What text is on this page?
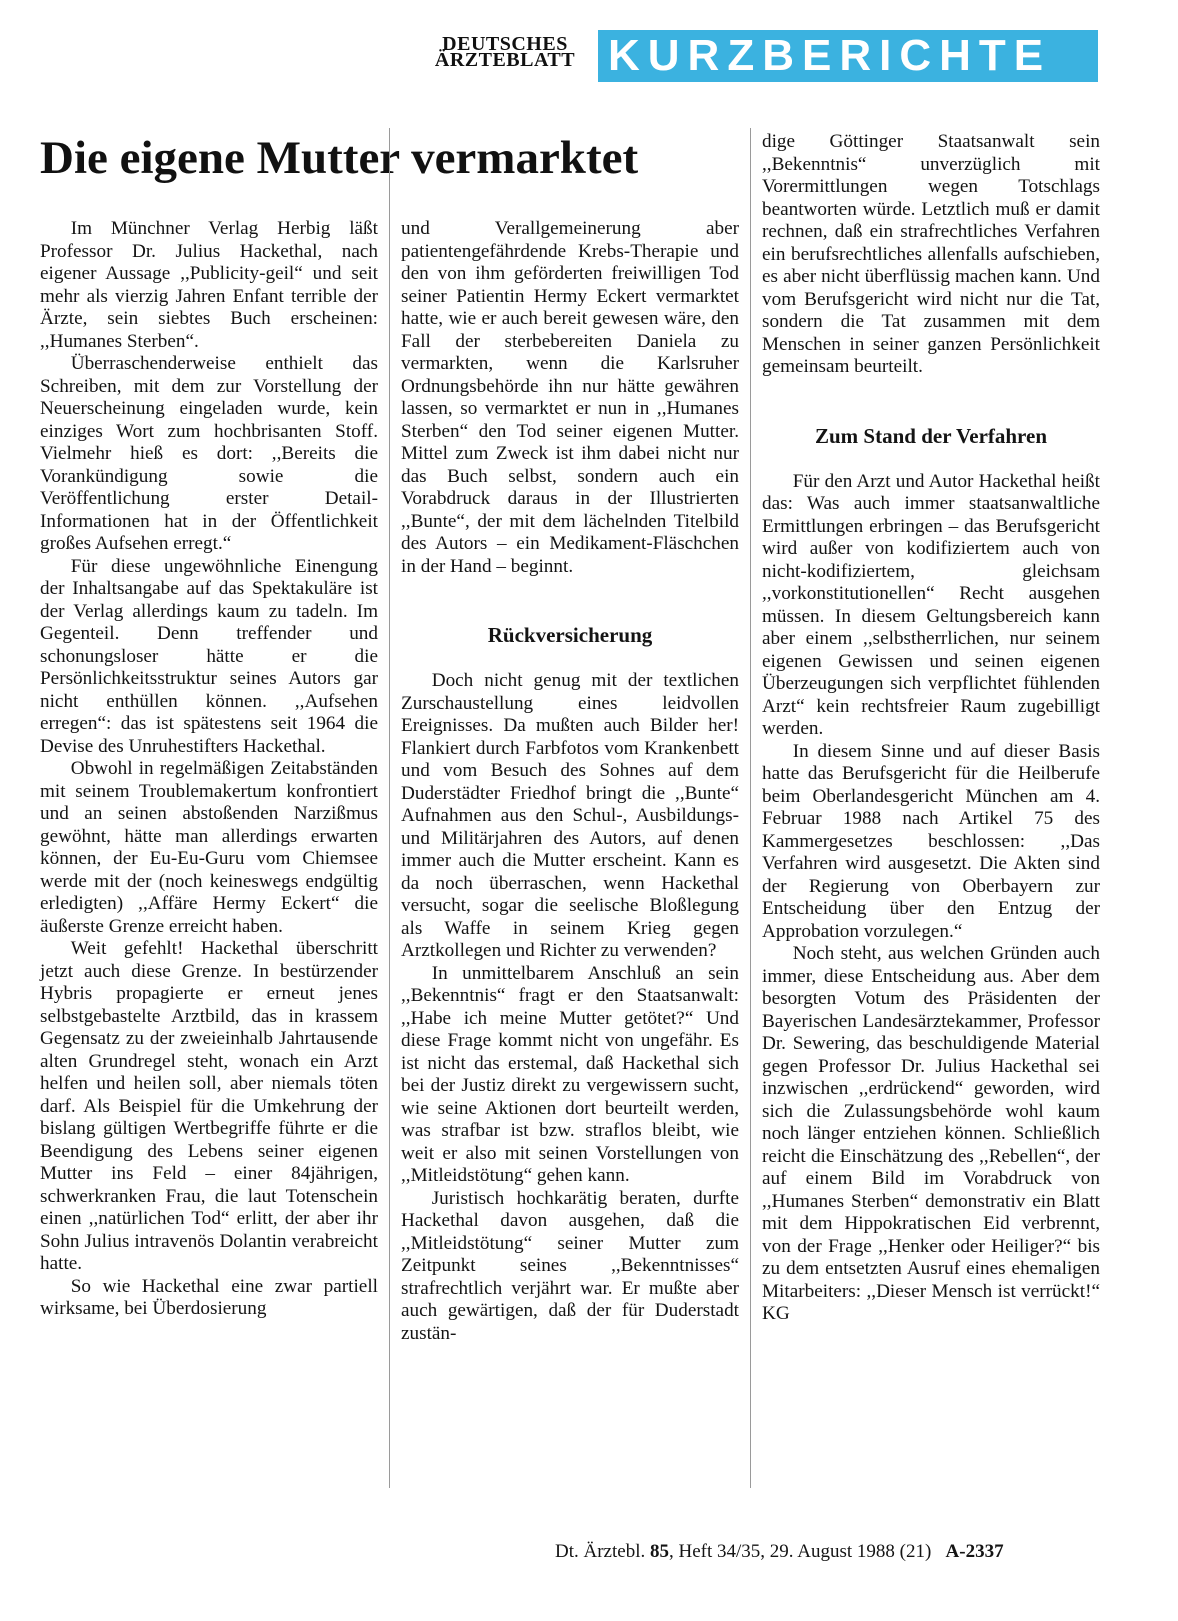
DEUTSCHES
ÄRZTEBLATT KURZBERICHTE
Die eigene Mutter vermarktet

Im Münchner Verlag Herbig läßt Professor Dr. Julius Hackethal, nach eigener Aussage ,,Publicity-geil“ und seit mehr als vierzig Jahren Enfant terrible der Ärzte, sein siebtes Buch erscheinen: ,,Humanes Sterben“.

Überraschenderweise enthielt das Schreiben, mit dem zur Vorstellung der Neuerscheinung eingeladen wurde, kein einziges Wort zum hochbrisanten Stoff. Vielmehr hieß es dort: ,,Bereits die Vorankündigung sowie die Veröffentlichung erster Detail-Informationen hat in der Öffentlichkeit großes Aufsehen erregt.“

Für diese ungewöhnliche Einengung der Inhaltsangabe auf das Spektakuläre ist der Verlag allerdings kaum zu tadeln. Im Gegenteil. Denn treffender und schonungsloser hätte er die Persönlichkeitsstruktur seines Autors gar nicht enthüllen können. ,,Aufsehen erregen“: das ist spätestens seit 1964 die Devise des Unruhestifters Hackethal.

Obwohl in regelmäßigen Zeitabständen mit seinem Troublemakertum konfrontiert und an seinen abstoßenden Narzißmus gewöhnt, hätte man allerdings erwarten können, der Eu-Eu-Guru vom Chiemsee werde mit der (noch keineswegs endgültig erledigten) ,,Affäre Hermy Eckert“ die äußerste Grenze erreicht haben.

Weit gefehlt! Hackethal überschritt jetzt auch diese Grenze. In bestürzender Hybris propagierte er erneut jenes selbstgebastelte Arztbild, das in krassem Gegensatz zu der zweieinhalb Jahrtausende alten Grundregel steht, wonach ein Arzt helfen und heilen soll, aber niemals töten darf. Als Beispiel für die Umkehrung der bislang gültigen Wertbegriffe führte er die Beendigung des Lebens seiner eigenen Mutter ins Feld – einer 84jährigen, schwerkranken Frau, die laut Totenschein einen ,,natürlichen Tod“ erlitt, der aber ihr Sohn Julius intravenös Dolantin verabreicht hatte.

So wie Hackethal eine zwar partiell wirksame, bei Überdosierung

und Verallgemeinerung aber patientengefährdende Krebs-Therapie und den von ihm geförderten freiwilligen Tod seiner Patientin Hermy Eckert vermarktet hatte, wie er auch bereit gewesen wäre, den Fall der sterbebereiten Daniela zu vermarkten, wenn die Karlsruher Ordnungsbehörde ihn nur hätte gewähren lassen, so vermarktet er nun in ,,Humanes Sterben“ den Tod seiner eigenen Mutter. Mittel zum Zweck ist ihm dabei nicht nur das Buch selbst, sondern auch ein Vorabdruck daraus in der Illustrierten ,,Bunte“, der mit dem lächelnden Titelbild des Autors – ein Medikament-Fläschchen in der Hand – beginnt.

Rückversicherung

Doch nicht genug mit der textlichen Zurschaustellung eines leidvollen Ereignisses. Da mußten auch Bilder her! Flankiert durch Farbfotos vom Krankenbett und vom Besuch des Sohnes auf dem Duderstädter Friedhof bringt die ,,Bunte“ Aufnahmen aus den Schul-, Ausbildungs- und Militärjahren des Autors, auf denen immer auch die Mutter erscheint. Kann es da noch überraschen, wenn Hackethal versucht, sogar die seelische Bloßlegung als Waffe in seinem Krieg gegen Arztkollegen und Richter zu verwenden?

In unmittelbarem Anschluß an sein ,,Bekenntnis“ fragt er den Staatsanwalt: ,,Habe ich meine Mutter getötet?“ Und diese Frage kommt nicht von ungefähr. Es ist nicht das erstemal, daß Hackethal sich bei der Justiz direkt zu vergewissern sucht, wie seine Aktionen dort beurteilt werden, was strafbar ist bzw. straflos bleibt, wie weit er also mit seinen Vorstellungen von ,,Mitleidstötung“ gehen kann.

Juristisch hochkarätig beraten, durfte Hackethal davon ausgehen, daß die ,,Mitleidstötung“ seiner Mutter zum Zeitpunkt seines ,,Bekenntnisses“ strafrechtlich verjährt war. Er mußte aber auch gewärtigen, daß der für Duderstadt zustän-

dige Göttinger Staatsanwalt sein ,,Bekenntnis“ unverzüglich mit Vorermittlungen wegen Totschlags beantworten würde. Letztlich muß er damit rechnen, daß ein strafrechtliches Verfahren ein berufsrechtliches allenfalls aufschieben, es aber nicht überflüssig machen kann. Und vom Berufsgericht wird nicht nur die Tat, sondern die Tat zusammen mit dem Menschen in seiner ganzen Persönlichkeit gemeinsam beurteilt.

Zum Stand der Verfahren

Für den Arzt und Autor Hackethal heißt das: Was auch immer staatsanwaltliche Ermittlungen erbringen – das Berufsgericht wird außer von kodifiziertem auch von nicht-kodifiziertem, gleichsam ,,vorkonstitutionellen“ Recht ausgehen müssen. In diesem Geltungsbereich kann aber einem ,,selbstherrlichen, nur seinem eigenen Gewissen und seinen eigenen Überzeugungen sich verpflichtet fühlenden Arzt“ kein rechtsfreier Raum zugebilligt werden.

In diesem Sinne und auf dieser Basis hatte das Berufsgericht für die Heilberufe beim Oberlandesgericht München am 4. Februar 1988 nach Artikel 75 des Kammergesetzes beschlossen: ,,Das Verfahren wird ausgesetzt. Die Akten sind der Regierung von Oberbayern zur Entscheidung über den Entzug der Approbation vorzulegen.“

Noch steht, aus welchen Gründen auch immer, diese Entscheidung aus. Aber dem besorgten Votum des Präsidenten der Bayerischen Landesärztekammer, Professor Dr. Sewering, das beschuldigende Material gegen Professor Dr. Julius Hackethal sei inzwischen ,,erdrückend“ geworden, wird sich die Zulassungsbehörde wohl kaum noch länger entziehen können. Schließlich reicht die Einschätzung des ,,Rebellen“, der auf einem Bild im Vorabdruck von ,,Humanes Sterben“ demonstrativ ein Blatt mit dem Hippokratischen Eid verbrennt, von der Frage ,,Henker oder Heiliger?“ bis zu dem entsetzten Ausruf eines ehemaligen Mitarbeiters: ,,Dieser Mensch ist verrückt!“ KG

Dt. Ärztebl. 85, Heft 34/35, 29. August 1988 (21) A-2337
